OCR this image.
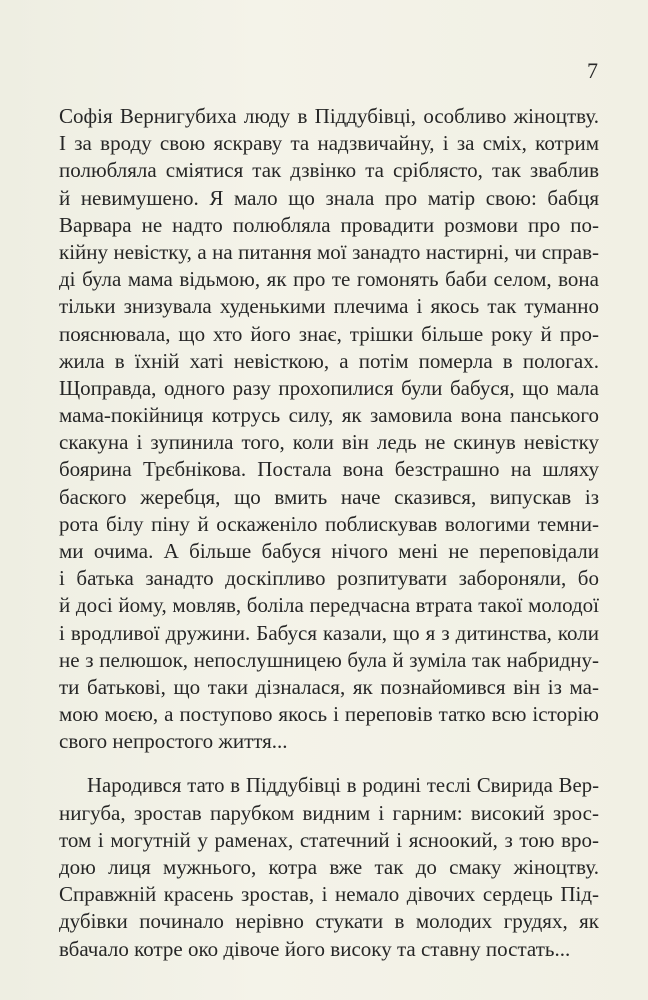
7
Софія Вернигубиха люду в Піддубівці, особливо жіноцтву.
І за вроду свою яскраву та надзвичайну, і за сміх, котрим
полюбляла сміятися так дзвінко та сріблясто, так зваблив
й невимушено. Я мало що знала про матір свою: бабця
Варвара не надто полюбляла провадити розмови про по-
кійну невістку, а на питання мої занадто настирні, чи справ-
ді була мама відьмою, як про те гомонять баби селом, вона
тільки знизувала худенькими плечима і якось так туманно
пояснювала, що хто його знає, трішки більше року й про-
жила в їхній хаті невісткою, а потім померла в пологах.
Щоправда, одного разу прохопилися були бабуся, що мала
мама-покійниця котрусь силу, як замовила вона панського
скакуна і зупинила того, коли він ледь не скинув невістку
боярина Трєбнікова. Постала вона безстрашно на шляху
баского жеребця, що вмить наче сказився, випускав із
рота білу піну й оскаженіло поблискував вологими темни-
ми очима. А більше бабуся нічого мені не переповідали
і батька занадто доскіпливо розпитувати забороняли, бо
й досі йому, мовляв, боліла передчасна втрата такої молодої
і вродливої дружини. Бабуся казали, що я з дитинства, коли
не з пелюшок, непослушницею була й зуміла так набридну-
ти батькові, що таки дізналася, як познайомився він із ма-
мою моєю, а поступово якось і переповів татко всю історію
свого непростого життя...
Народився тато в Піддубівці в родині теслі Свирида Вер-
нигуба, зростав парубком видним і гарним: високий зрос-
том і могутній у раменах, статечний і ясноокий, з тою вро-
дою лиця мужнього, котра вже так до смаку жіноцтву.
Справжній красень зростав, і немало дівочих сердець Під-
дубівки починало нерівно стукати в молодих грудях, як
вбачало котре око дівоче його високу та ставну постать...
